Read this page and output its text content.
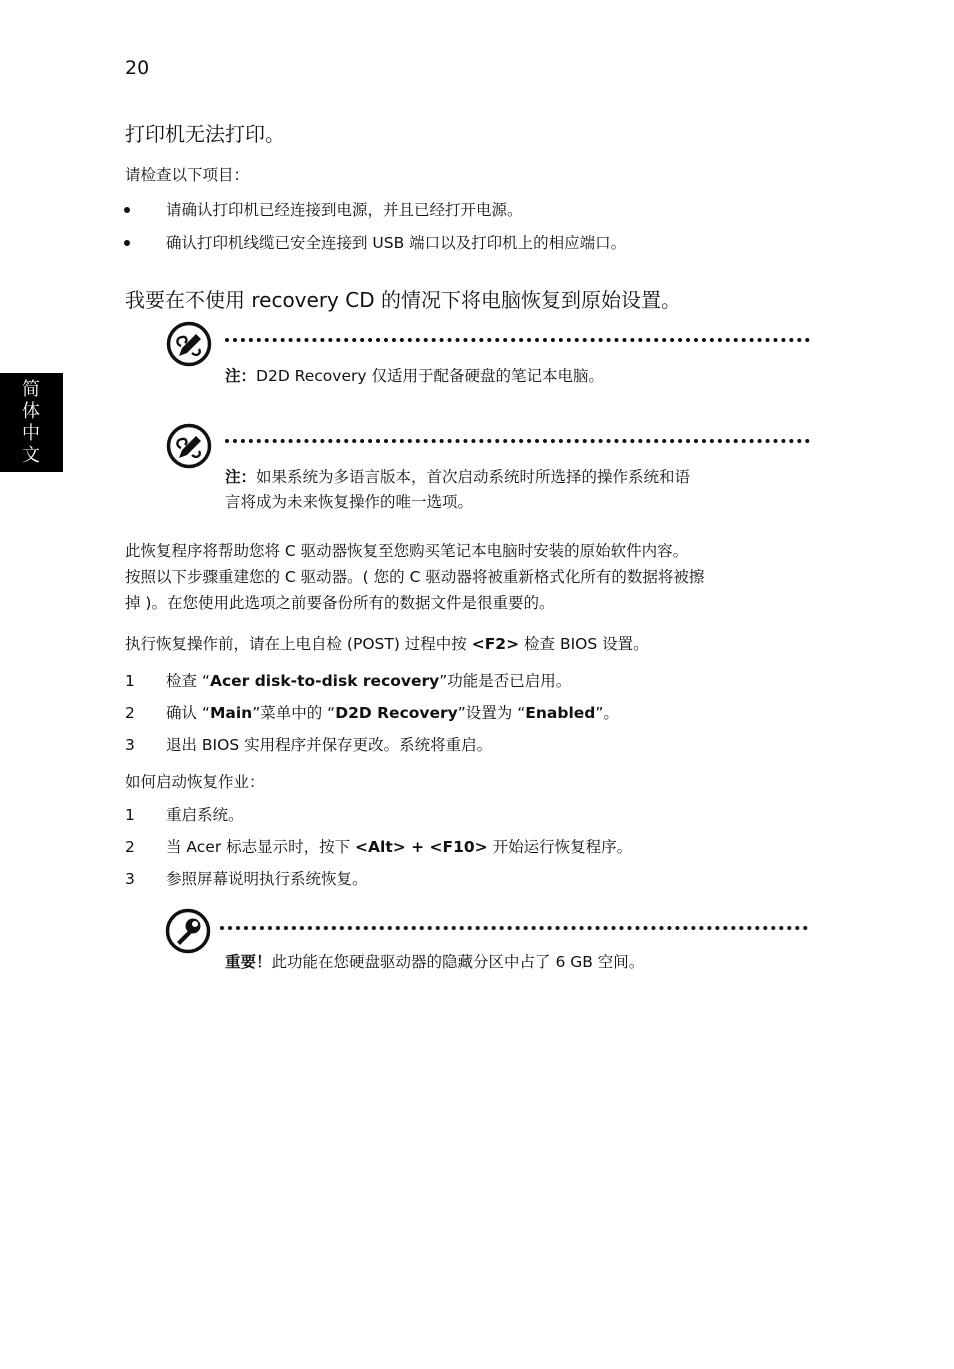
20
简体中文
打印机无法打印。
请检查以下项目：
请确认打印机已经连接到电源，并且已经打开电源。
确认打印机线缆已安全连接到 USB 端口以及打印机上的相应端口。
我要在不使用 recovery CD 的情况下将电脑恢复到原始设置。

注：D2D Recovery 仅适用于配备硬盘的笔记本电脑。

注：如果系统为多语言版本，首次启动系统时所选择的操作系统和语

言将成为未来恢复操作的唯一选项。

此恢复程序将帮助您将 C 驱动器恢复至您购买笔记本电脑时安装的原始软件内容。

按照以下步骤重建您的 C 驱动器。( 您的 C 驱动器将被重新格式化所有的数据将被擦

掉 )。在您使用此选项之前要备份所有的数据文件是很重要的。

执行恢复操作前，请在上电自检 (POST) 过程中按 <F2> 检查 BIOS 设置。
1 检查 “Acer disk-to-disk recovery”功能是否已启用。
2 确认 “Main”菜单中的 “D2D Recovery”设置为 “Enabled”。
3 退出 BIOS 实用程序并保存更改。系统将重启。
如何启动恢复作业：
1 重启系统。
2 当 Acer 标志显示时，按下 <Alt> + <F10> 开始运行恢复程序。
3 参照屏幕说明执行系统恢复。

重要！此功能在您硬盘驱动器的隐藏分区中占了 6 GB 空间。
